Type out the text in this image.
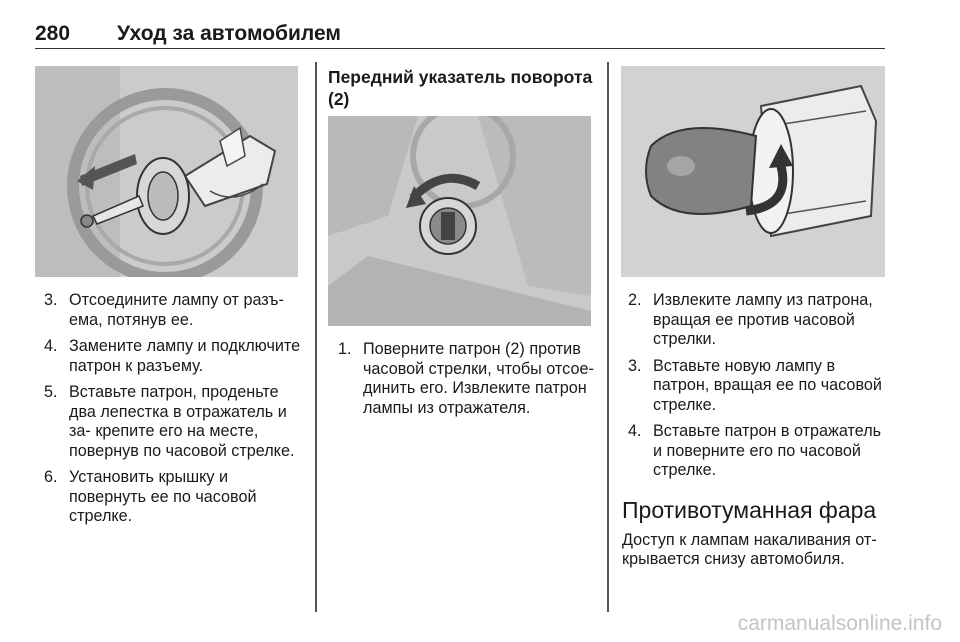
280 Уход за автомобилем
3. Отсоедините лампу от разъ- ема, потянув ее.
4. Замените лампу и подключите патрон к разъему.
5. Вставьте патрон, проденьте два лепестка в отражатель и за- крепите его на месте, повернув по часовой стрелке.
6. Установить крышку и повернуть ее по часовой стрелке.
Передний указатель поворота (2)
1. Поверните патрон (2) против часовой стрелки, чтобы отсое- динить его. Извлеките патрон лампы из отражателя.
2. Извлеките лампу из патрона, вращая ее против часовой стрелки.
3. Вставьте новую лампу в патрон, вращая ее по часовой стрелке.
4. Вставьте патрон в отражатель и поверните его по часовой стрелке.
Противотуманная фара

Доступ к лампам накаливания от- крывается снизу автомобиля.

carmanualsonline.info
